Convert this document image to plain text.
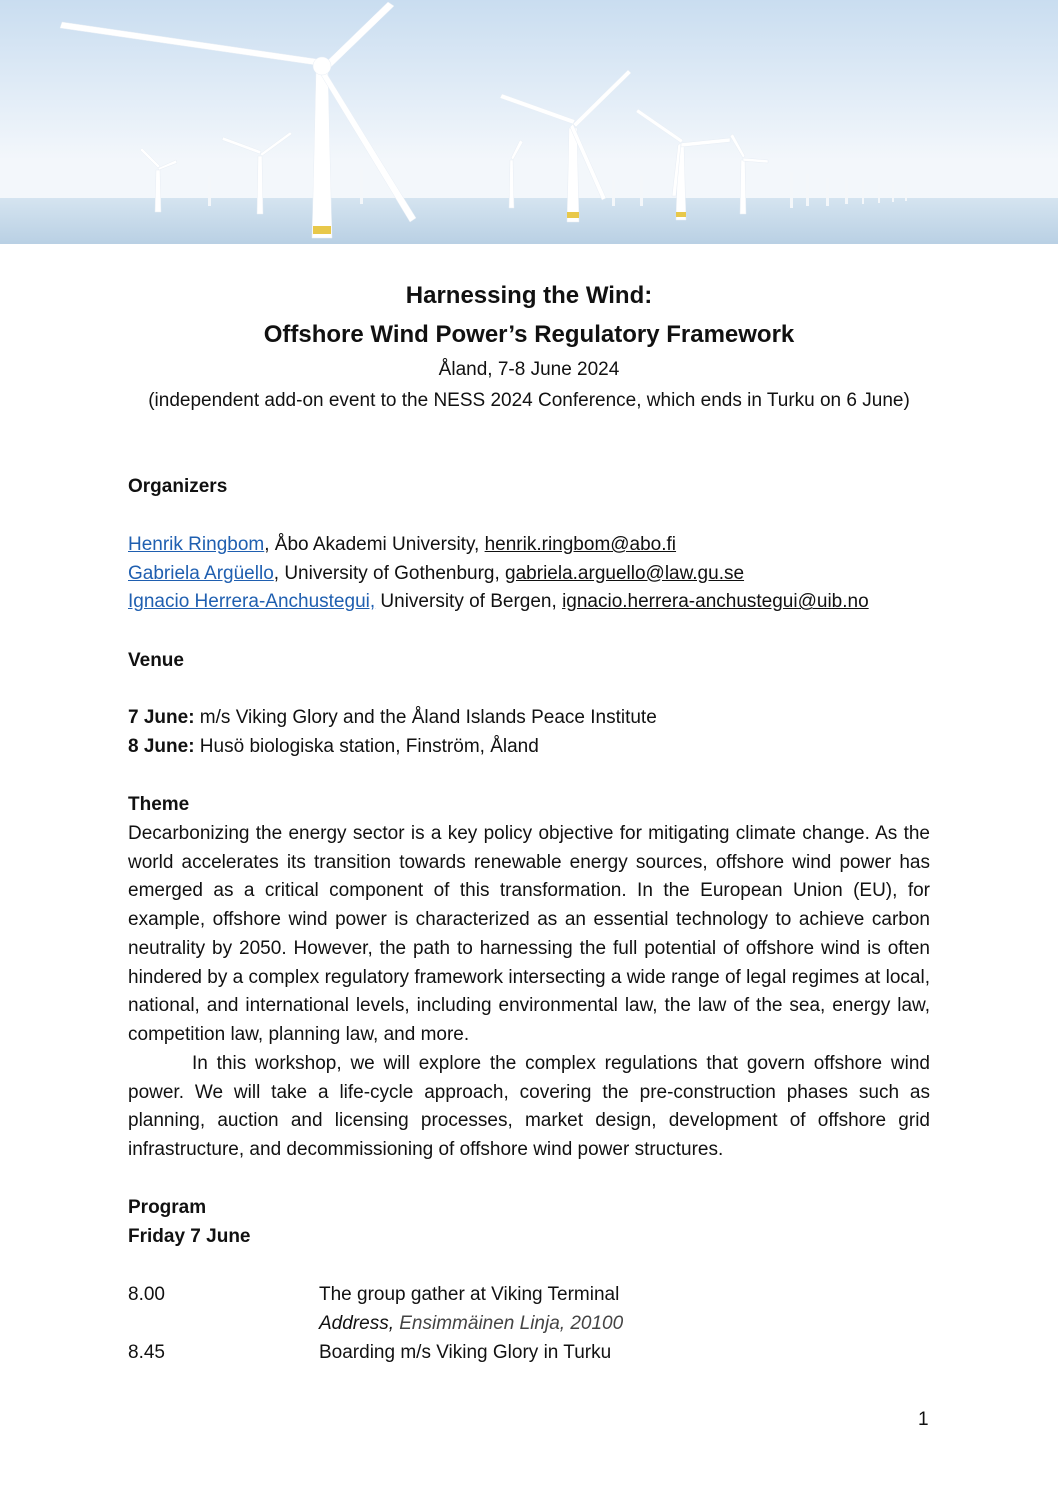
Harnessing the Wind:
Offshore Wind Power’s Regulatory Framework
Åland, 7-8 June 2024
(independent add-on event to the NESS 2024 Conference, which ends in Turku on 6 June)
Organizers
Henrik Ringbom, Åbo Akademi University, henrik.ringbom@abo.fi
Gabriela Argüello, University of Gothenburg, gabriela.arguello@law.gu.se
Ignacio Herrera-Anchustegui, University of Bergen, ignacio.herrera-anchustegui@uib.no
Venue
7 June: m/s Viking Glory and the Åland Islands Peace Institute
8 June: Husö biologiska station, Finström, Åland
Theme
Decarbonizing the energy sector is a key policy objective for mitigating climate change. As the world accelerates its transition towards renewable energy sources, offshore wind power has emerged as a critical component of this transformation. In the European Union (EU), for example, offshore wind power is characterized as an essential technology to achieve carbon neutrality by 2050. However, the path to harnessing the full potential of offshore wind is often hindered by a complex regulatory framework intersecting a wide range of legal regimes at local, national, and international levels, including environmental law, the law of the sea, energy law, competition law, planning law, and more.
In this workshop, we will explore the complex regulations that govern offshore wind power. We will take a life-cycle approach, covering the pre-construction phases such as planning, auction and licensing processes, market design, development of offshore grid infrastructure, and decommissioning of offshore wind power structures.
Program
Friday 7 June
8.00	The group gather at Viking Terminal
Address, Ensimmäinen Linja, 20100
8.45	Boarding m/s Viking Glory in Turku
1
